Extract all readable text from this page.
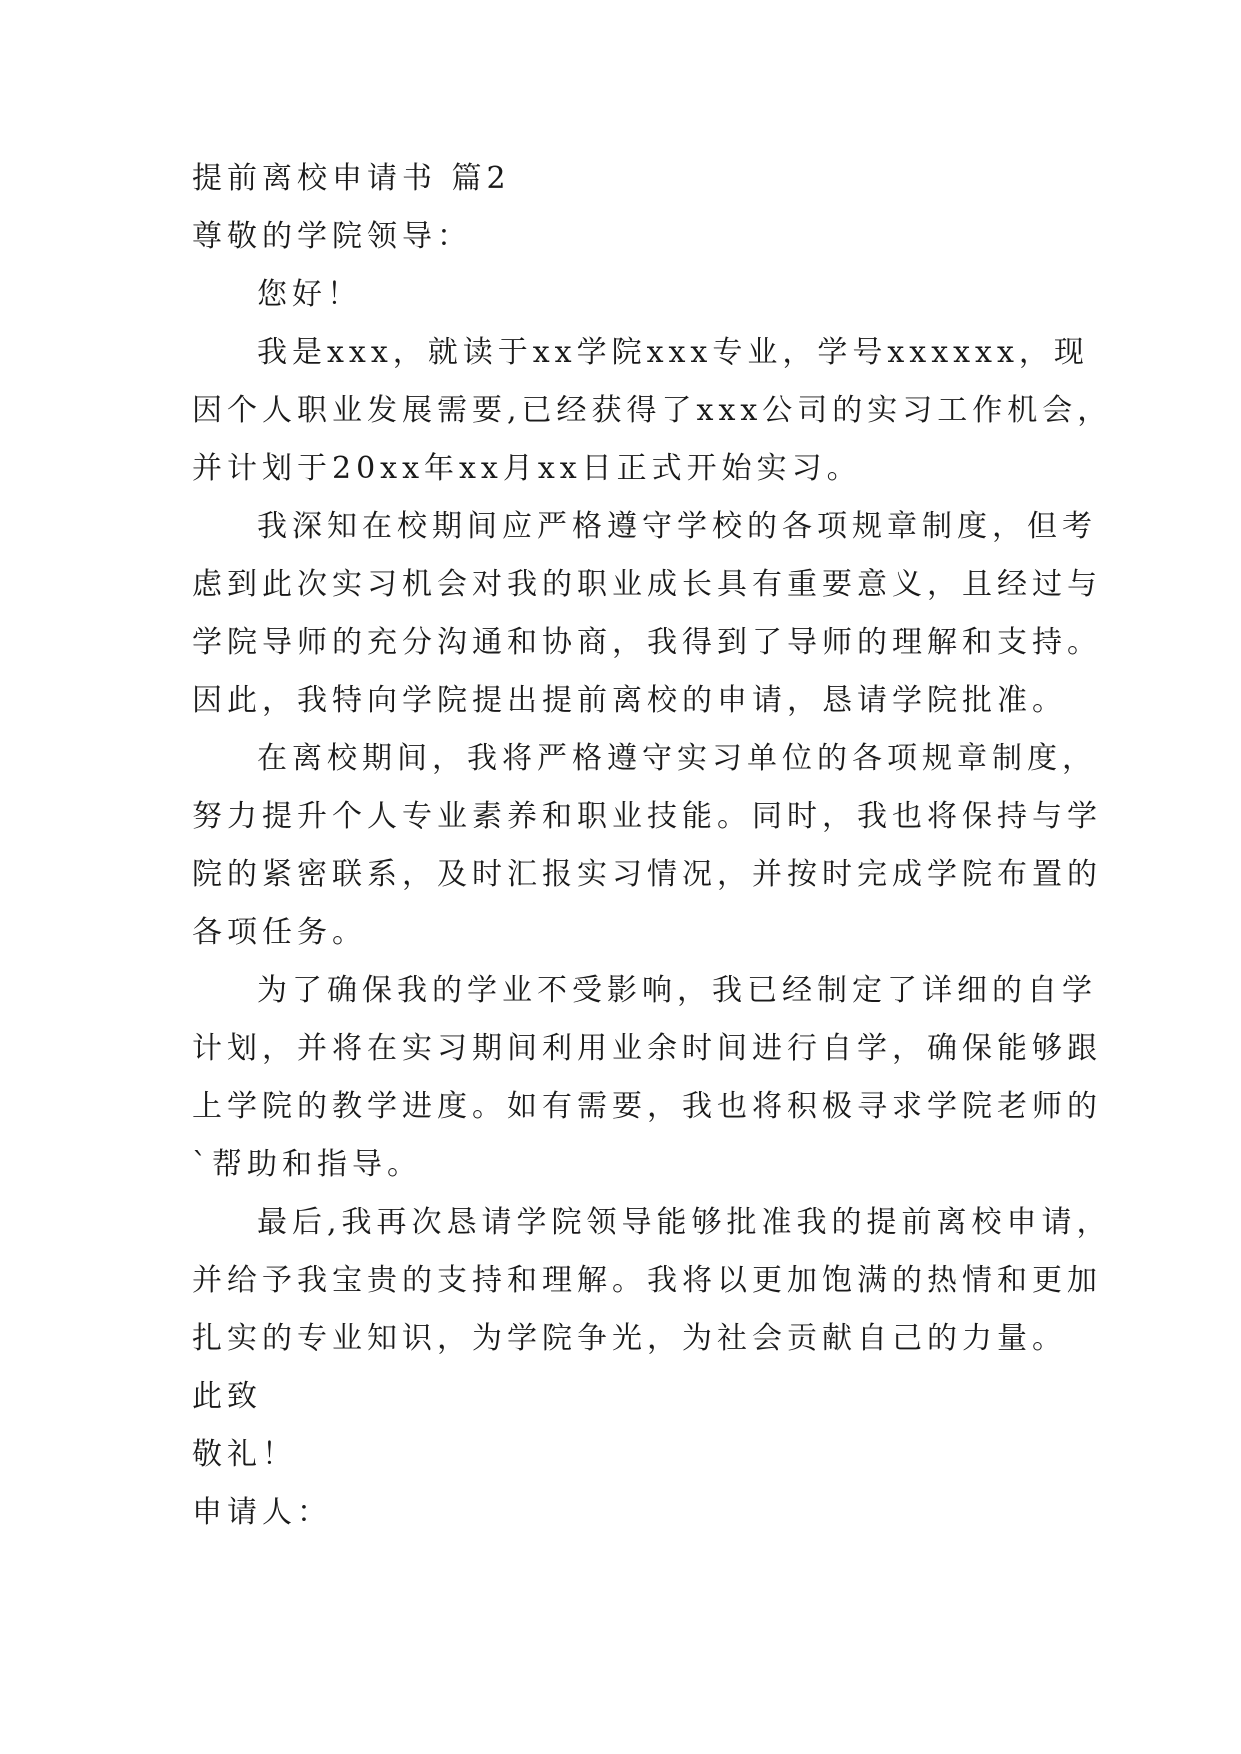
提前离校申请书 篇2
尊敬的学院领导：
您好！
我是xxx，就读于xx学院xxx专业，学号xxxxxx，现
因个人职业发展需要,已经获得了xxx公司的实习工作机会，
并计划于20xx年xx月xx日正式开始实习。
我深知在校期间应严格遵守学校的各项规章制度，但考
虑到此次实习机会对我的职业成长具有重要意义，且经过与
学院导师的充分沟通和协商，我得到了导师的理解和支持。
因此，我特向学院提出提前离校的申请，恳请学院批准。
在离校期间，我将严格遵守实习单位的各项规章制度，
努力提升个人专业素养和职业技能。同时，我也将保持与学
院的紧密联系，及时汇报实习情况，并按时完成学院布置的
各项任务。
为了确保我的学业不受影响，我已经制定了详细的自学
计划，并将在实习期间利用业余时间进行自学，确保能够跟
上学院的教学进度。如有需要，我也将积极寻求学院老师的
`帮助和指导。
最后,我再次恳请学院领导能够批准我的提前离校申请，
并给予我宝贵的支持和理解。我将以更加饱满的热情和更加
扎实的专业知识，为学院争光，为社会贡献自己的力量。
此致
敬礼！
申请人：
